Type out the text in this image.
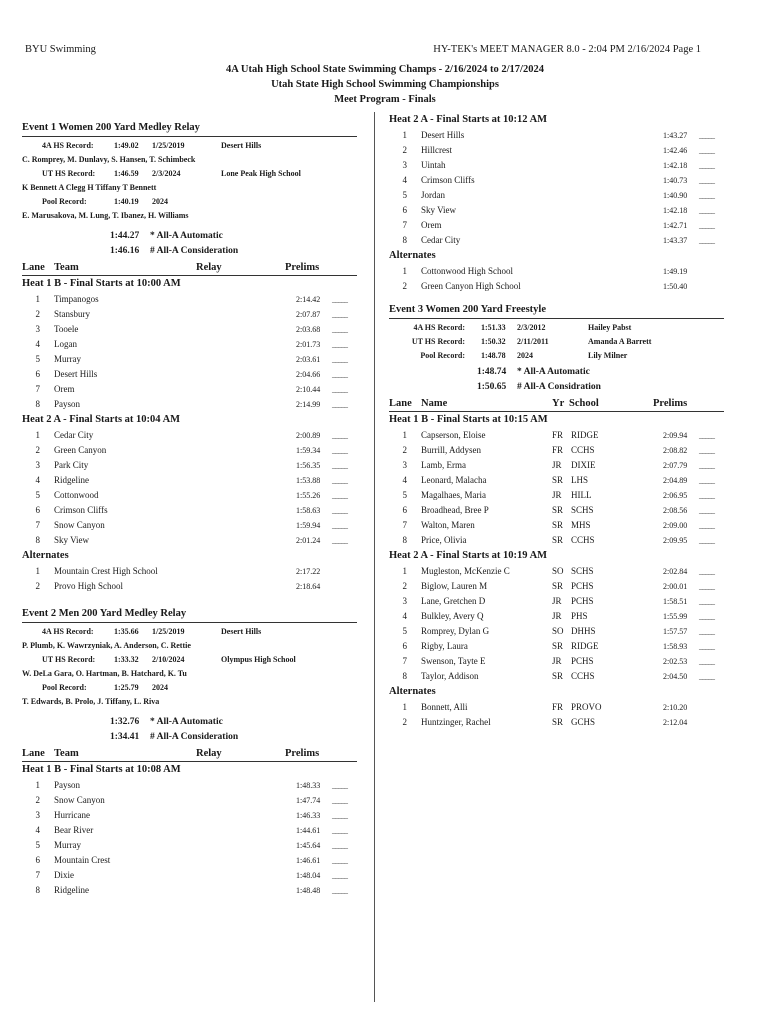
BYU Swimming	HY-TEK's MEET MANAGER 8.0 - 2:04 PM 2/16/2024 Page 1
4A Utah High School State Swimming Champs - 2/16/2024 to 2/17/2024
Utah State High School Swimming Championships
Meet Program - Finals
Event 1 Women 200 Yard Medley Relay
4A HS Record:	1:49.02 1/25/2019	Desert Hills
C. Romprey, M. Dunlavy, S. Hansen, T. Schimbeck
UT HS Record: 1:46.59 2/3/2024	Lone Peak High School
K Bennett A Clegg H Tiffany T Bennett
Pool Record:	1:40.19 2024
E. Marusakova, M. Lung, T. Ibanez, H. Williams
1:44.27 * All-A Automatic
1:46.16 # All-A Consideration
Lane Team	Relay	Prelims
Heat 1 B - Final Starts at 10:00 AM
1 Timpanogos	2:14.42 _____
2 Stansbury	2:07.87 _____
3 Tooele	2:03.68 _____
4 Logan	2:01.73 _____
5 Murray	2:03.61 _____
6 Desert Hills	2:04.66 _____
7 Orem	2:10.44 _____
8 Payson	2:14.99 _____
Heat 2 A - Final Starts at 10:04 AM
1 Cedar City	2:00.89 _____
2 Green Canyon	1:59.34 _____
3 Park City	1:56.35 _____
4 Ridgeline	1:53.88 _____
5 Cottonwood	1:55.26 _____
6 Crimson Cliffs	1:58.63 _____
7 Snow Canyon	1:59.94 _____
8 Sky View	2:01.24 _____
Alternates
1 Mountain Crest High School	2:17.22
2 Provo High School	2:18.64
Event 2 Men 200 Yard Medley Relay
4A HS Record:	1:35.66 1/25/2019	Desert Hills
P. Plumb, K. Wawrzyniak, A. Anderson, C. Rettie
UT HS Record: 1:33.32 2/10/2024	Olympus High School
W. DeLa Gara, O. Hartman, B. Hatchard, K. Tu
Pool Record:	1:25.79 2024
T. Edwards, B. Prolo, J. Tiffany, L. Riva
1:32.76 * All-A Automatic
1:34.41 # All-A Consideration
Lane Team	Relay	Prelims
Heat 1 B - Final Starts at 10:08 AM
1 Payson	1:48.33 _____
2 Snow Canyon	1:47.74 _____
3 Hurricane	1:46.33 _____
4 Bear River	1:44.61 _____
5 Murray	1:45.64 _____
6 Mountain Crest	1:46.61 _____
7 Dixie	1:48.04 _____
8 Ridgeline	1:48.48 _____
Heat 2 A - Final Starts at 10:12 AM
1 Desert Hills	1:43.27 _____
2 Hillcrest	1:42.46 _____
3 Uintah	1:42.18 _____
4 Crimson Cliffs	1:40.73 _____
5 Jordan	1:40.90 _____
6 Sky View	1:42.18 _____
7 Orem	1:42.71 _____
8 Cedar City	1:43.37 _____
Alternates
1 Cottonwood High School	1:49.19
2 Green Canyon High School	1:50.40
Event 3 Women 200 Yard Freestyle
4A HS Record: 1:51.33 2/3/2012	Hailey Pabst
UT HS Record: 1:50.32 2/11/2011	Amanda A Barrett
Pool Record: 1:48.78 2024	Lily Milner
1:48.74 * All-A Automatic
1:50.65 # All-A Considration
Lane Name	Yr School	Prelims
Heat 1 B - Final Starts at 10:15 AM
1 Capserson, Eloise	FR RIDGE	2:09.94 _____
2 Burrill, Addysen	FR CCHS	2:08.82 _____
3 Lamb, Erma	JR DIXIE	2:07.79 _____
4 Leonard, Malacha	SR LHS	2:04.89 _____
5 Magalhaes, Maria	JR HILL	2:06.95 _____
6 Broadhead, Bree P	SR SCHS	2:08.56 _____
7 Walton, Maren	SR MHS	2:09.00 _____
8 Price, Olivia	SR CCHS	2:09.95 _____
Heat 2 A - Final Starts at 10:19 AM
1 Mugleston, McKenzie C	SO SCHS	2:02.84 _____
2 Biglow, Lauren M	SR PCHS	2:00.01 _____
3 Lane, Gretchen D	JR PCHS	1:58.51 _____
4 Bulkley, Avery Q	JR PHS	1:55.99 _____
5 Romprey, Dylan G	SO DHHS	1:57.57 _____
6 Rigby, Laura	SR RIDGE	1:58.93 _____
7 Swenson, Tayte E	JR PCHS	2:02.53 _____
8 Taylor, Addison	SR CCHS	2:04.50 _____
Alternates
1 Bonnett, Alli	FR PROVO	2:10.20
2 Huntzinger, Rachel	SR GCHS	2:12.04
